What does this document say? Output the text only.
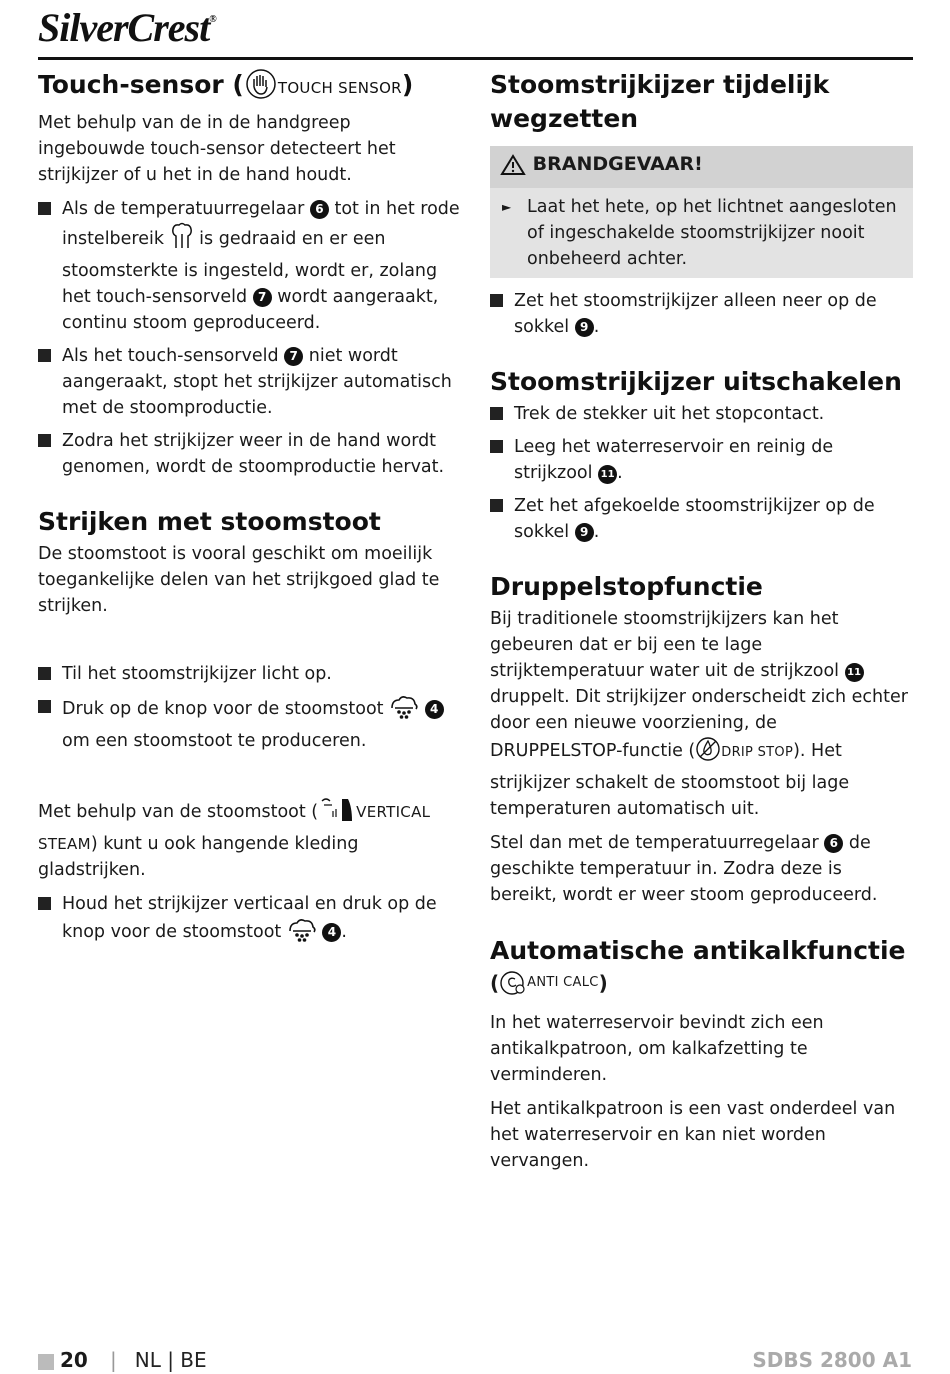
SilverCrest®
Touch-sensor ( TOUCH SENSOR)

Met behulp van de in de handgreep ingebouwde touch-sensor detecteert het strijkijzer of u het in de hand houdt.

Als de temperatuurregelaar 6 tot in het rode instelbereik is gedraaid en er een stoomsterkte is ingesteld, wordt er, zolang het touch-sensorveld 7 wordt aangeraakt, continu stoom geproduceerd.
Als het touch-sensorveld 7 niet wordt aangeraakt, stopt het strijkijzer automatisch met de stoomproductie.
Zodra het strijkijzer weer in de hand wordt genomen, wordt de stoomproductie hervat.
Strijken met stoomstoot

De stoomstoot is vooral geschikt om moeilijk toegankelijke delen van het strijkgoed glad te strijken.

Til het stoomstrijkijzer licht op.
Druk op de knop voor de stoomstoot	4 om een stoomstoot te produceren.

Met behulp van de stoomstoot (	VERTICAL STEAM) kunt u ook hangende kleding gladstrijken.

Houd het strijkijzer verticaal en druk op de knop voor de stoomstoot	4 .
Stoomstrijkijzer tijdelijk wegzetten
BRANDGEVAAR!
► Laat het hete, op het lichtnet aangesloten of ingeschakelde stoomstrijkijzer nooit onbeheerd achter.
Zet het stoomstrijkijzer alleen neer op de sokkel 9 .
Stoomstrijkijzer uitschakelen
Trek de stekker uit het stopcontact.
Leeg het waterreservoir en reinig de strijkzool 11 .
Zet het afgekoelde stoomstrijkijzer op de sokkel 9 .
Druppelstopfunctie

Bij traditionele stoomstrijkijzers kan het gebeuren dat er bij een te lage strijktemperatuur water uit de strijkzool 11 druppelt. Dit strijkijzer onderscheidt zich echter door een nieuwe voorziening, de DRUPPELSTOP-functie ( DRIP STOP). Het strijkijzer schakelt de stoomstoot bij lage temperaturen automatisch uit.

Stel dan met de temperatuurregelaar 6 de geschikte temperatuur in. Zodra deze is bereikt, wordt er weer stoom geproduceerd.

Automatische antikalkfunctie

( $^{ANTI CALC}$)

In het waterreservoir bevindt zich een antikalkpatroon, om kalkafzetting te verminderen.

Het antikalkpatroon is een vast onderdeel van het waterreservoir en kan niet worden vervangen.

20 | NL | BE	SDBS 2800 A1
